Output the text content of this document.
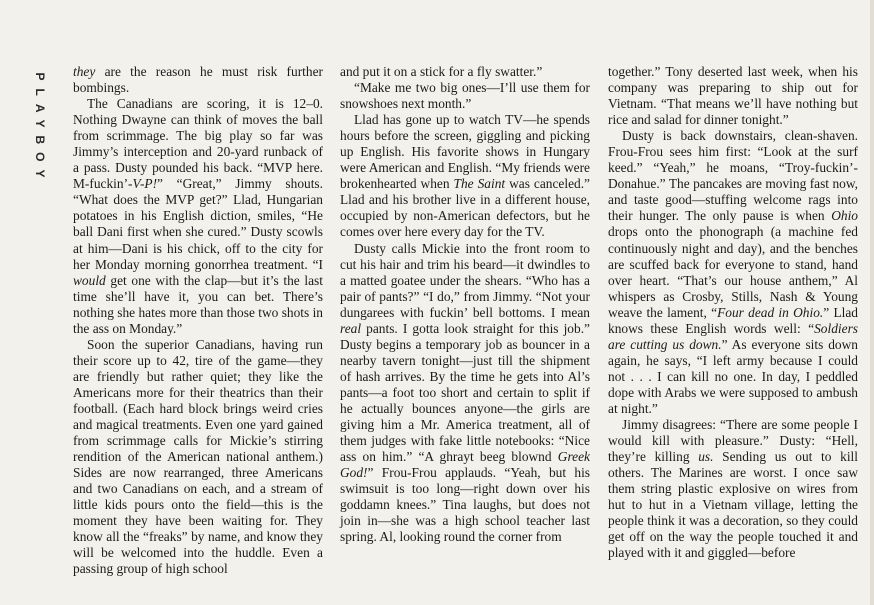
PLAYBOY

they are the reason he must risk further bombings.

The Canadians are scoring, it is 12–0. Nothing Dwayne can think of moves the ball from scrimmage. The big play so far was Jimmy’s interception and 20-yard runback of a pass. Dusty pounded his back. “MVP here. M-fuckin’-V-P!” “Great,” Jimmy shouts. “What does the MVP get?” Llad, Hungarian potatoes in his English diction, smiles, “He ball Dani first when she cured.” Dusty scowls at him—Dani is his chick, off to the city for her Monday morning gonorrhea treatment. “I would get one with the clap—but it’s the last time she’ll have it, you can bet. There’s nothing she hates more than those two shots in the ass on Monday.”

Soon the superior Canadians, having run their score up to 42, tire of the game—they are friendly but rather quiet; they like the Americans more for their theatrics than their football. (Each hard block brings weird cries and magical treatments. Even one yard gained from scrimmage calls for Mickie’s stirring rendition of the American national anthem.) Sides are now rearranged, three Americans and two Canadians on each, and a stream of little kids pours onto the field—this is the moment they have been waiting for. They know all the “freaks” by name, and know they will be welcomed into the huddle. Even a passing group of high school

and put it on a stick for a fly swatter.”

“Make me two big ones—I’ll use them for snowshoes next month.”

Llad has gone up to watch TV—he spends hours before the screen, giggling and picking up English. His favorite shows in Hungary were American and English. “My friends were brokenhearted when The Saint was canceled.” Llad and his brother live in a different house, occupied by non-American defectors, but he comes over here every day for the TV.

Dusty calls Mickie into the front room to cut his hair and trim his beard—it dwindles to a matted goatee under the shears. “Who has a pair of pants?” “I do,” from Jimmy. “Not your dungarees with fuckin’ bell bottoms. I mean real pants. I gotta look straight for this job.” Dusty begins a temporary job as bouncer in a nearby tavern tonight—just till the shipment of hash arrives. By the time he gets into Al’s pants—a foot too short and certain to split if he actually bounces anyone—the girls are giving him a Mr. America treatment, all of them judges with fake little notebooks: “Nice ass on him.” “A ghrayt beeg blownd Greek God!” Frou-Frou applauds. “Yeah, but his swimsuit is too long—right down over his goddamn knees.” Tina laughs, but does not join in—she was a high school teacher last spring. Al, looking round the corner from

together.” Tony deserted last week, when his company was preparing to ship out for Vietnam. “That means we’ll have nothing but rice and salad for dinner tonight.”

Dusty is back downstairs, clean-shaven. Frou-Frou sees him first: “Look at the surf keed.” “Yeah,” he moans, “Troy-fuckin’-Donahue.” The pancakes are moving fast now, and taste good—stuffing welcome rags into their hunger. The only pause is when Ohio drops onto the phonograph (a machine fed continuously night and day), and the benches are scuffed back for everyone to stand, hand over heart. “That’s our house anthem,” Al whispers as Crosby, Stills, Nash & Young weave the lament, “Four dead in Ohio.” Llad knows these English words well: “Soldiers are cutting us down.” As everyone sits down again, he says, “I left army because I could not . . . I can kill no one. In day, I peddled dope with Arabs we were supposed to ambush at night.”

Jimmy disagrees: “There are some people I would kill with pleasure.” Dusty: “Hell, they’re killing us. Sending us out to kill others. The Marines are worst. I once saw them string plastic explosive on wires from hut to hut in a Vietnam village, letting the people think it was a decoration, so they could get off on the way the people touched it and played with it and giggled—before
